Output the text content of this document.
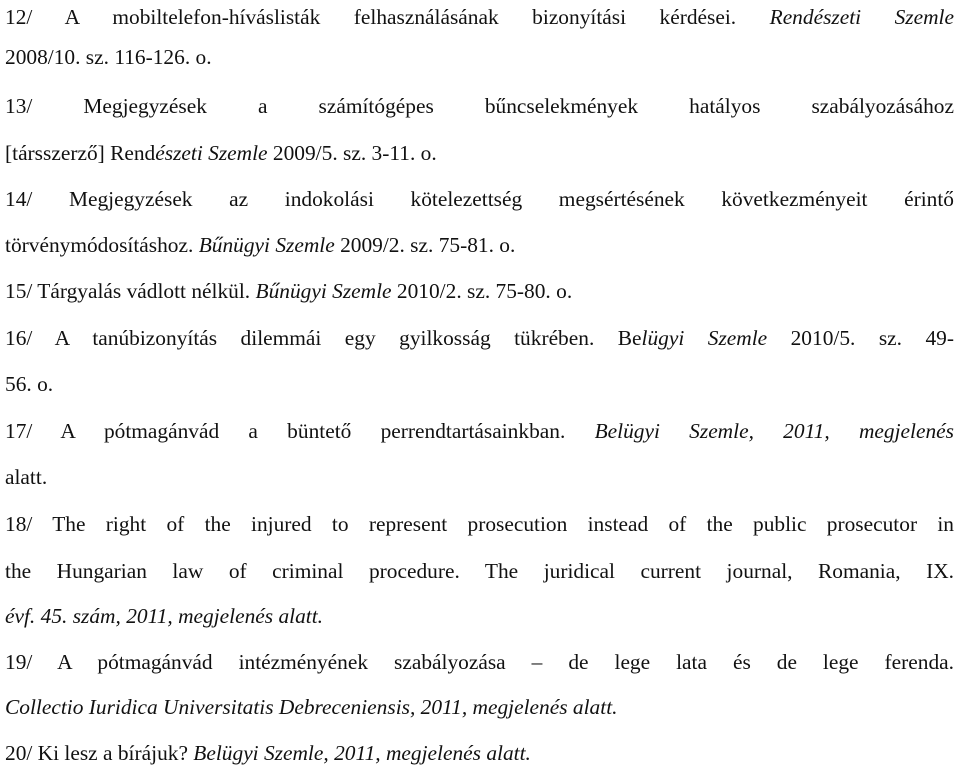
12/ A mobiltelefon-híváslisták felhasználásának bizonyítási kérdései. Rendészeti Szemle
2008/10. sz. 116-126. o.
13/ Megjegyzések a számítógépes bűncselekmények hatályos szabályozásához
[társszerző] Rendészeti Szemle 2009/5. sz. 3-11. o.
14/ Megjegyzések az indokolási kötelezettség megsértésének következményeit érintő
törvénymódosításhoz. Bűnügyi Szemle 2009/2. sz. 75-81. o.
15/ Tárgyalás vádlott nélkül. Bűnügyi Szemle 2010/2. sz. 75-80. o.
16/ A tanúbizonyítás dilemmái egy gyilkosság tükrében. Belügyi Szemle 2010/5. sz. 49-
56. o.
17/ A pótmagánvád a büntető perrendtartásainkban. Belügyi Szemle, 2011, megjelenés
alatt.
18/ The right of the injured to represent prosecution instead of the public prosecutor in
the Hungarian law of criminal procedure. The juridical current journal, Romania, IX.
évf. 45. szám, 2011, megjelenés alatt.
19/ A pótmagánvád intézményének szabályozása – de lege lata és de lege ferenda.
Collectio Iuridica Universitatis Debreceniensis, 2011, megjelenés alatt.
20/ Ki lesz a bírájuk? Belügyi Szemle, 2011, megjelenés alatt.
